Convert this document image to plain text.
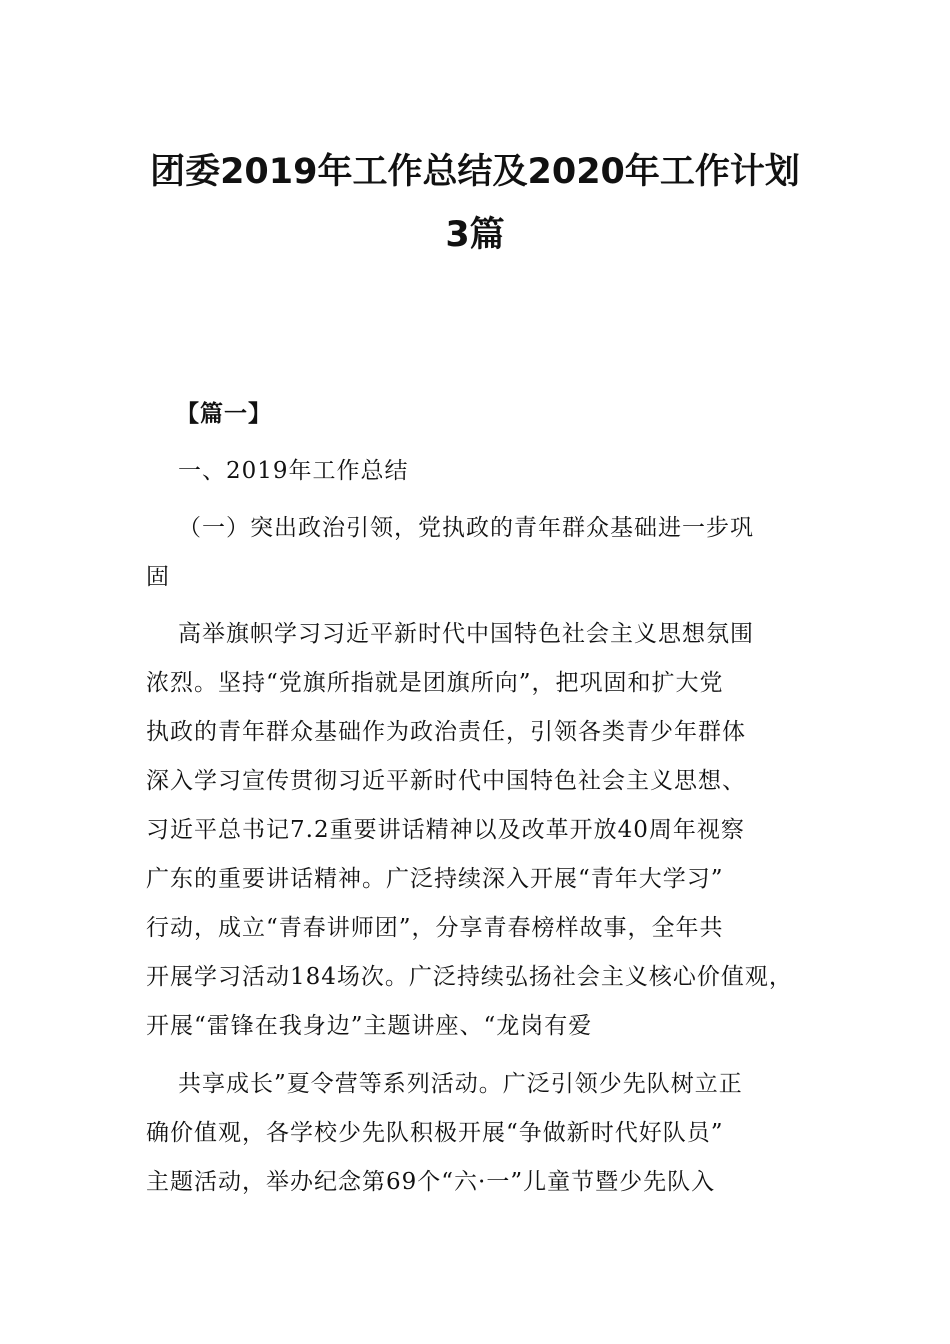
团委2019年工作总结及2020年工作计划
3篇
【篇一】
一、2019年工作总结
（一）突出政治引领，党执政的青年群众基础进一步巩
固
高举旗帜学习习近平新时代中国特色社会主义思想氛围
浓烈。坚持“党旗所指就是团旗所向”，把巩固和扩大党
执政的青年群众基础作为政治责任，引领各类青少年群体
深入学习宣传贯彻习近平新时代中国特色社会主义思想、
习近平总书记7.2重要讲话精神以及改革开放40周年视察
广东的重要讲话精神。广泛持续深入开展“青年大学习”
行动，成立“青春讲师团”，分享青春榜样故事，全年共
开展学习活动184场次。广泛持续弘扬社会主义核心价值观，
开展“雷锋在我身边”主题讲座、“龙岗有爱
共享成长”夏令营等系列活动。广泛引领少先队树立正
确价值观，各学校少先队积极开展“争做新时代好队员”
主题活动，举办纪念第69个“六·一”儿童节暨少先队入
